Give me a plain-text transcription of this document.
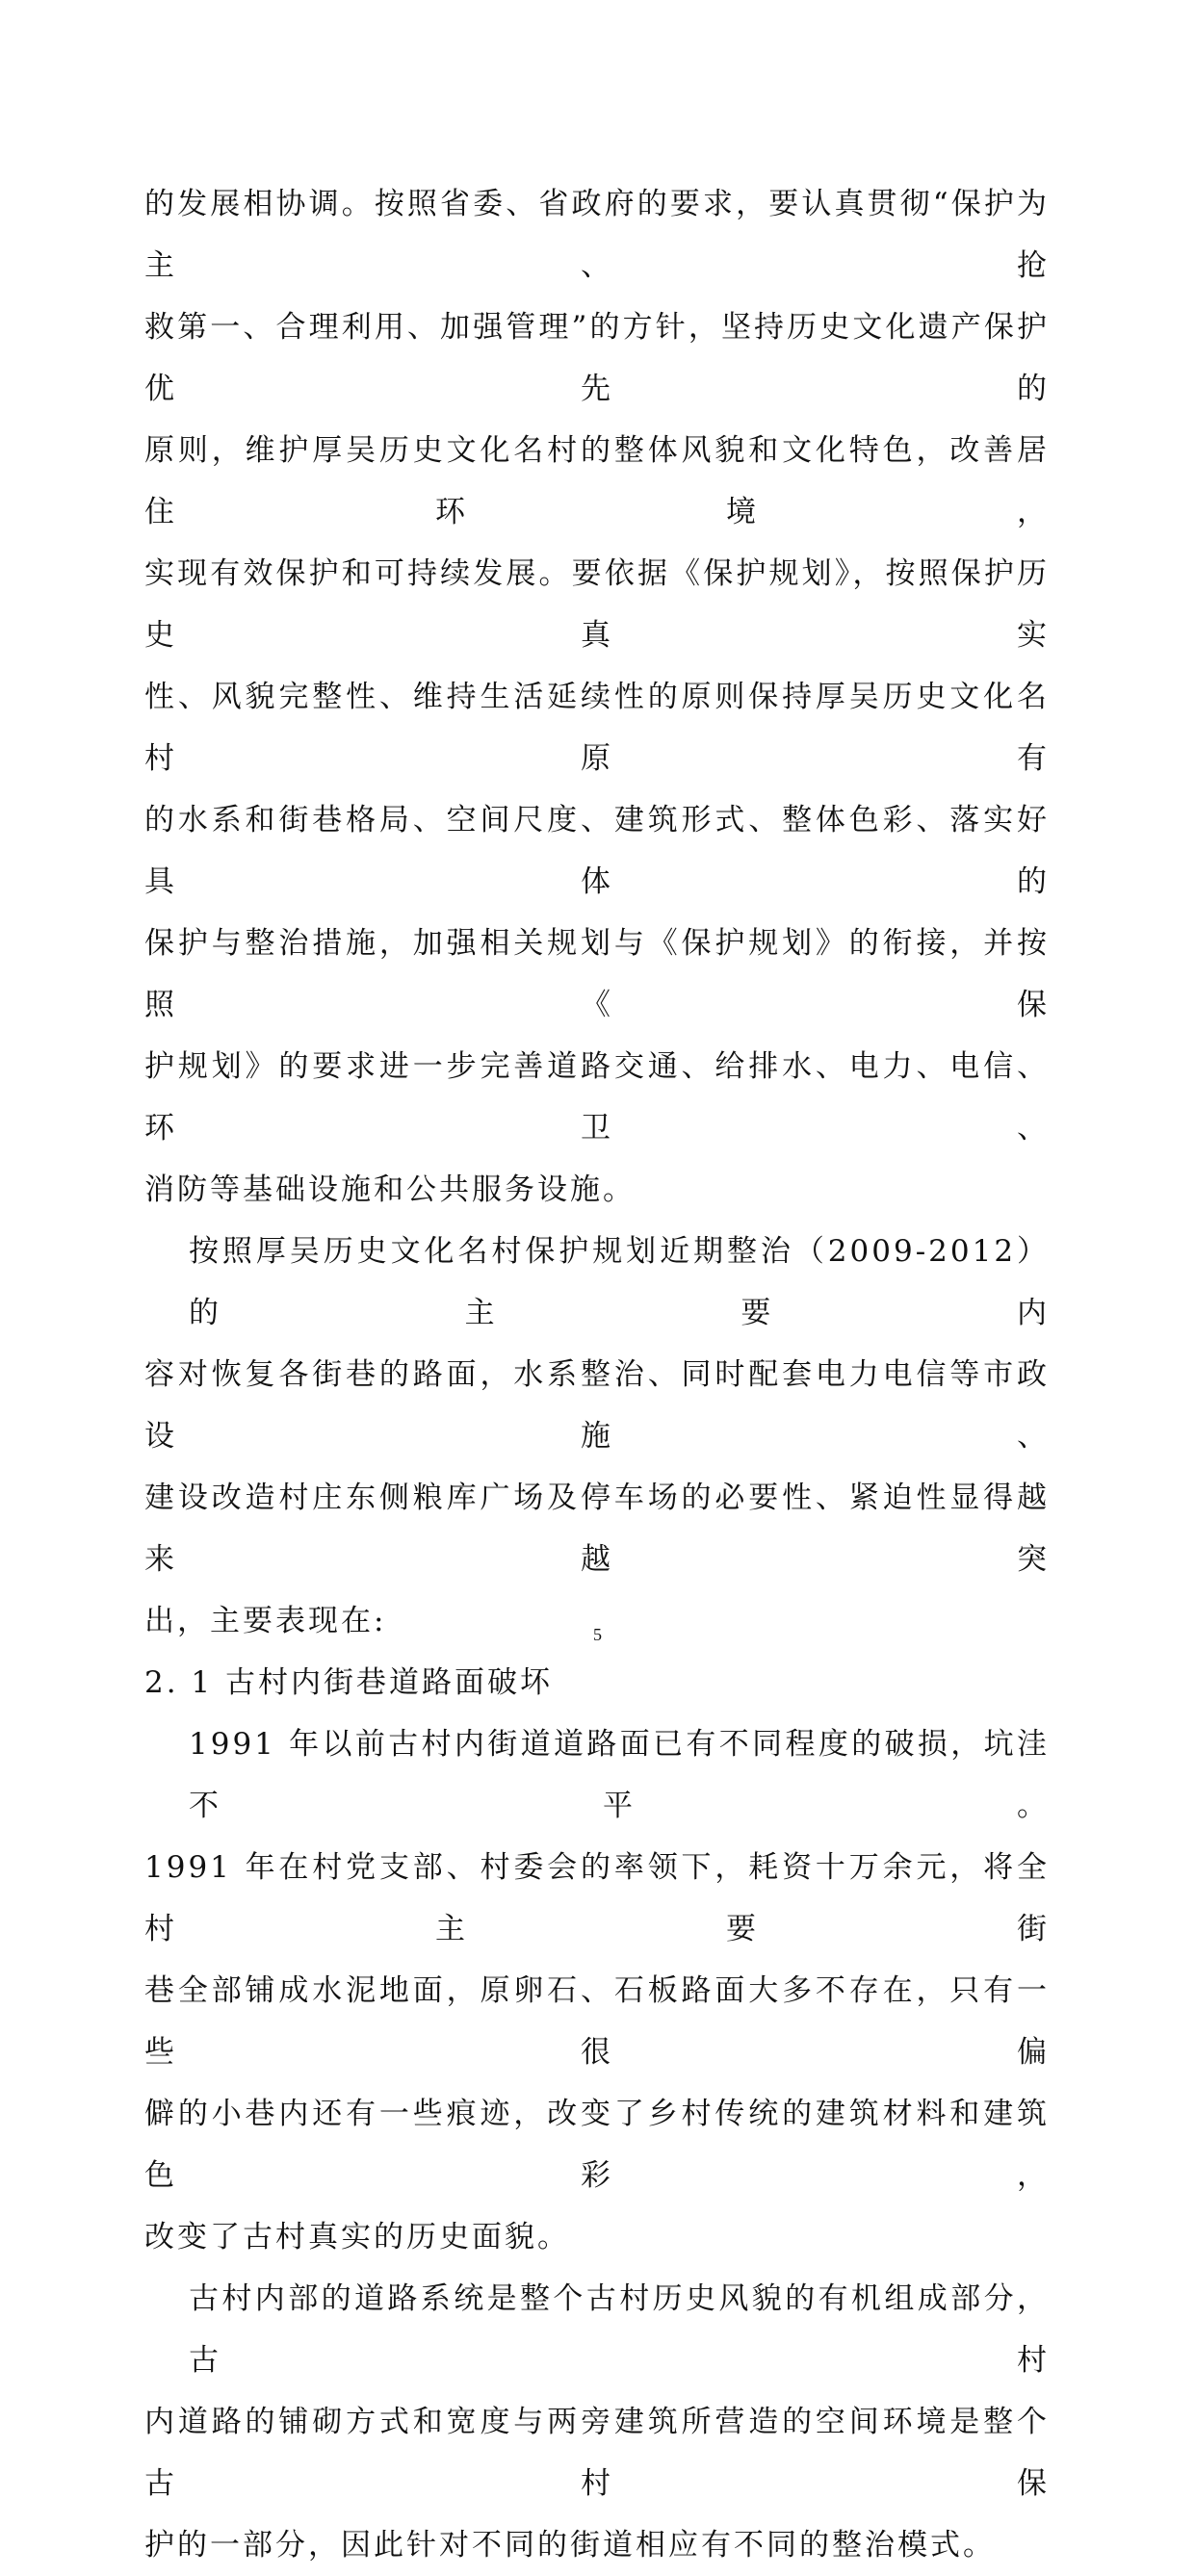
的发展相协调。按照省委、省政府的要求，要认真贯彻“保护为主、抢
救第一、合理利用、加强管理”的方针，坚持历史文化遗产保护优先的
原则，维护厚吴历史文化名村的整体风貌和文化特色，改善居住环境，
实现有效保护和可持续发展。要依据《保护规划》，按照保护历史真实
性、风貌完整性、维持生活延续性的原则保持厚吴历史文化名村原有
的水系和街巷格局、空间尺度、建筑形式、整体色彩、落实好具体的
保护与整治措施，加强相关规划与《保护规划》的衔接，并按照《保
护规划》的要求进一步完善道路交通、给排水、电力、电信、环卫、
消防等基础设施和公共服务设施。

按照厚吴历史文化名村保护规划近期整治（2009-2012）的主要内
容对恢复各街巷的路面，水系整治、同时配套电力电信等市政设施、
建设改造村庄东侧粮库广场及停车场的必要性、紧迫性显得越来越突
出，主要表现在:

2. 1 古村内街巷道路面破坏

1991 年以前古村内街道道路面已有不同程度的破损，坑洼不平。
1991 年在村党支部、村委会的率领下，耗资十万余元，将全村主要街
巷全部铺成水泥地面，原卵石、石板路面大多不存在，只有一些很偏
僻的小巷内还有一些痕迹，改变了乡村传统的建筑材料和建筑色彩，
改变了古村真实的历史面貌。

古村内部的道路系统是整个古村历史风貌的有机组成部分，古村
内道路的铺砌方式和宽度与两旁建筑所营造的空间环境是整个古村保
护的一部分，因此针对不同的街道相应有不同的整治模式。

5
